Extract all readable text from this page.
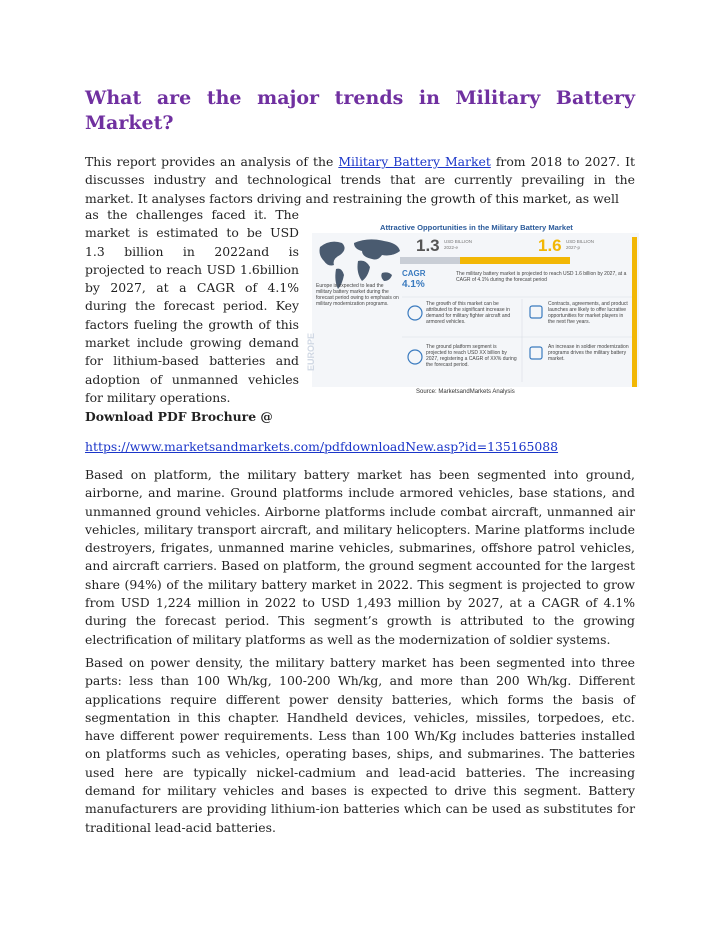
What are the major trends in Military Battery Market?

This report provides an analysis of the Military Battery Market from 2018 to 2027. It discusses industry and technological trends that are currently prevailing in the market. It analyses factors driving and restraining the growth of this market, as well

as the challenges faced it. The market is estimated to be USD 1.3 billion in 2022and is projected to reach USD 1.6billion by 2027, at a CAGR of 4.1% during the forecast period. Key factors fueling the growth of this market include growing demand for lithium-based batteries and adoption of unmanned vehicles for military operations.

Attractive Opportunities in the Military Battery Market
1.3 USD BILLION
2022-e	1.6 USD BILLION
2027-p
CAGR
4.1%
The military battery market is projected to reach USD 1.6 billion by 2027, at a CAGR of 4.1% during the forecast period
Europe is expected to lead the military battery market during the forecast period owing to emphasis on military modernization programs.	The growth of this market can be attributed to the significant increase in demand for military fighter aircraft and armored vehicles.
Contracts, agreements, and product launches are likely to offer lucrative opportunities for market players in the next five years.
The ground platform segment is projected to reach USD XX billion by 2027, registering a CAGR of XX% during the forecast period.
An increase in soldier modernization programs drives the military battery market.
EUROPE
Source: MarketsandMarkets Analysis
Download PDF Brochure @
https://www.marketsandmarkets.com/pdfdownloadNew.asp?id=135165088

Based on platform, the military battery market has been segmented into ground, airborne, and marine. Ground platforms include armored vehicles, base stations, and unmanned ground vehicles. Airborne platforms include combat aircraft, unmanned air vehicles, military transport aircraft, and military helicopters. Marine platforms include destroyers, frigates, unmanned marine vehicles, submarines, offshore patrol vehicles, and aircraft carriers. Based on platform, the ground segment accounted for the largest share (94%) of the military battery market in 2022. This segment is projected to grow from USD 1,224 million in 2022 to USD 1,493 million by 2027, at a CAGR of 4.1% during the forecast period. This segment’s growth is attributed to the growing electrification of military platforms as well as the modernization of soldier systems.

Based on power density, the military battery market has been segmented into three parts: less than 100 Wh/kg, 100-200 Wh/kg, and more than 200 Wh/kg. Different applications require different power density batteries, which forms the basis of segmentation in this chapter. Handheld devices, vehicles, missiles, torpedoes, etc. have different power requirements. Less than 100 Wh/Kg includes batteries installed on platforms such as vehicles, operating bases, ships, and submarines. The batteries used here are typically nickel-cadmium and lead-acid batteries. The increasing demand for military vehicles and bases is expected to drive this segment. Battery manufacturers are providing lithium-ion batteries which can be used as substitutes for traditional lead-acid batteries.
